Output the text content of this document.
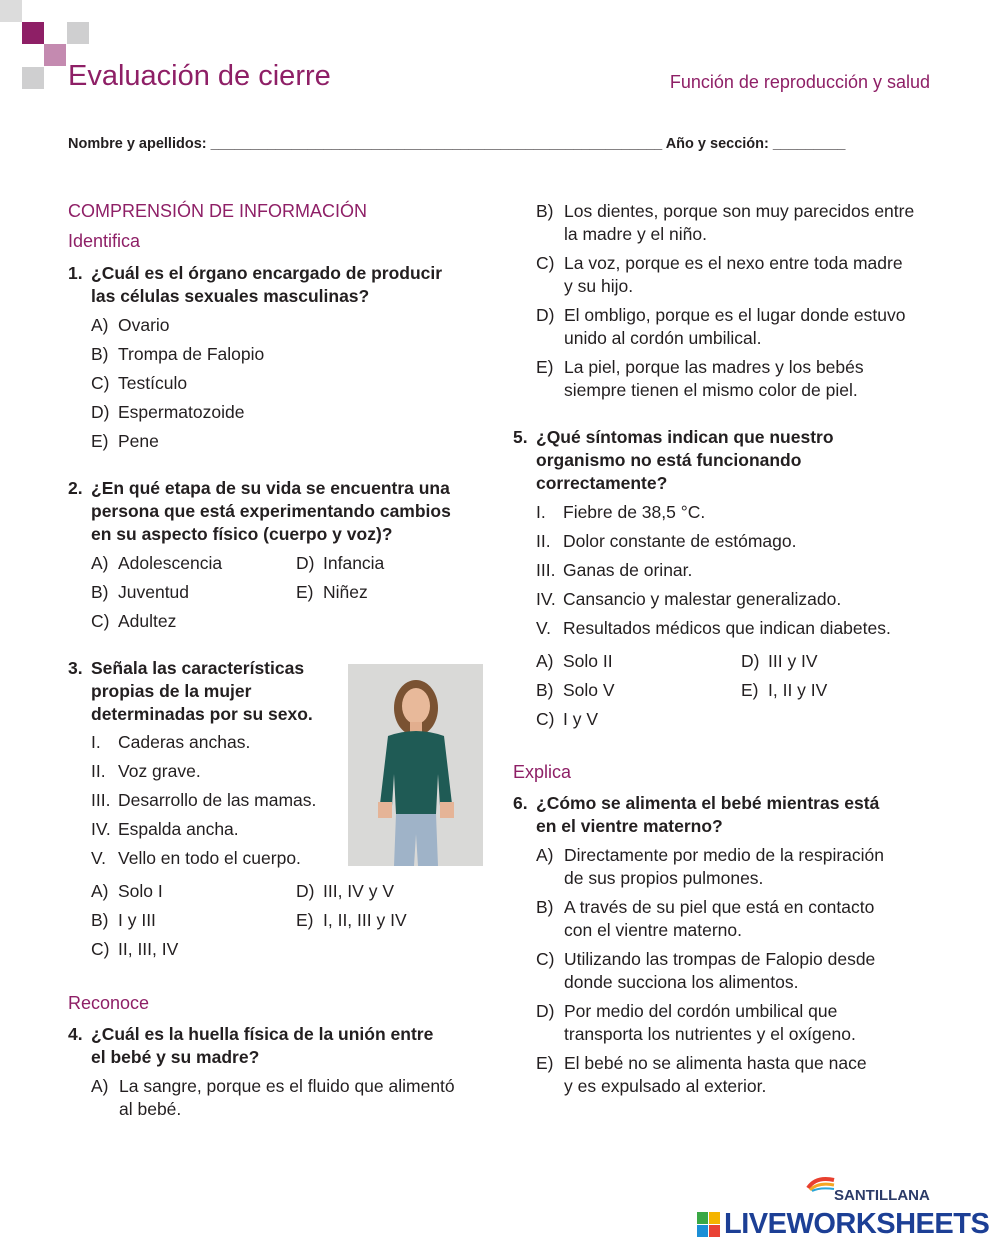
Evaluación de cierre	Función de reproducción y salud
Nombre y apellidos: ________________________________________________________ Año y sección: _________
COMPRENSIÓN DE INFORMACIÓN
Identifica
1. ¿Cuál es el órgano encargado de producir
las células sexuales masculinas?
A) Ovario
B) Trompa de Falopio
C) Testículo
D) Espermatozoide
E) Pene
2. ¿En qué etapa de su vida se encuentra una
persona que está experimentando cambios
en su aspecto físico (cuerpo y voz)?
A) Adolescencia	D) Infancia
B) Juventud	E) Niñez
C) Adultez
3. Señala las características
propias de la mujer
determinadas por su sexo.
I. Caderas anchas.
II. Voz grave.
III. Desarrollo de las mamas.
IV. Espalda ancha.
V. Vello en todo el cuerpo.
A) Solo I	D) III, IV y V
B) I y III	E) I, II, III y IV
C) II, III, IV
Reconoce
4. ¿Cuál es la huella física de la unión entre
el bebé y su madre?
A) La sangre, porque es el fluido que alimentó
al bebé.
B) Los dientes, porque son muy parecidos entre
la madre y el niño.
C) La voz, porque es el nexo entre toda madre
y su hijo.
D) El ombligo, porque es el lugar donde estuvo
unido al cordón umbilical.
E) La piel, porque las madres y los bebés
siempre tienen el mismo color de piel.
5. ¿Qué síntomas indican que nuestro
organismo no está funcionando
correctamente?
I. Fiebre de 38,5 °C.
II. Dolor constante de estómago.
III. Ganas de orinar.
IV. Cansancio y malestar generalizado.
V. Resultados médicos que indican diabetes.
A) Solo II	D) III y IV
B) Solo V	E) I, II y IV
C) I y V
Explica
6. ¿Cómo se alimenta el bebé mientras está
en el vientre materno?
A) Directamente por medio de la respiración
de sus propios pulmones.
B) A través de su piel que está en contacto
con el vientre materno.
C) Utilizando las trompas de Falopio desde
donde succiona los alimentos.
D) Por medio del cordón umbilical que
transporta los nutrientes y el oxígeno.
E) El bebé no se alimenta hasta que nace
y es expulsado al exterior.
SANTILLANA
LIVEWORKSHEETS
